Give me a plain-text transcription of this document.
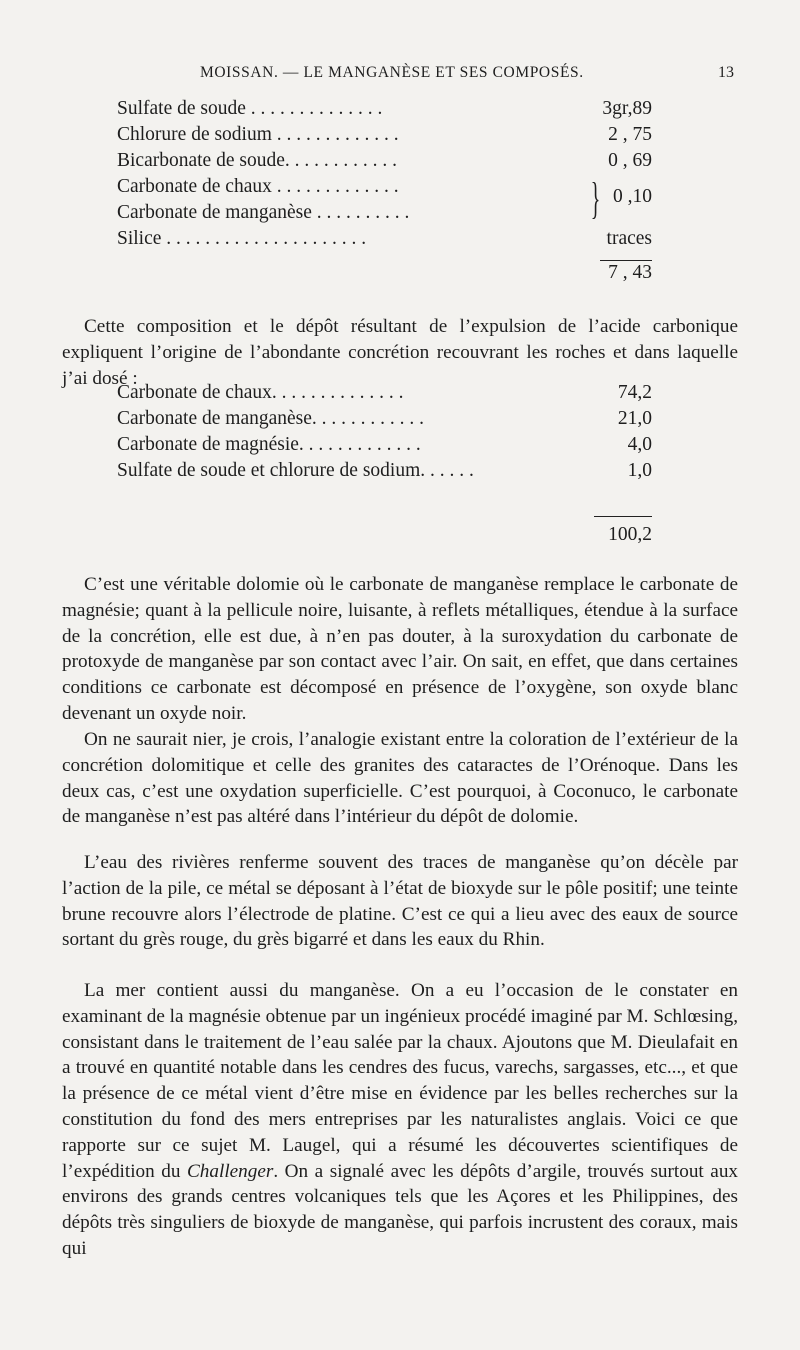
MOISSAN. — LE MANGANÈSE ET SES COMPOSÉS.	13
Sulfate de soude . . . . . . . . . . . . . .	3gr,89
Chlorure de sodium . . . . . . . . . . . . .	2 , 75
Bicarbonate de soude. . . . . . . . . . . .	0 , 69
Carbonate de chaux . . . . . . . . . . . . .
Carbonate de manganèse . . . . . . . . . .	} 0 ,10
Silice . . . . . . . . . . . . . . . . . . . . .	traces
7 , 43

Cette composition et le dépôt résultant de l’expulsion de l’acide carbonique expliquent l’origine de l’abondante concrétion recouvrant les roches et dans laquelle j’ai dosé :

Carbonate de chaux. . . . . . . . . . . . . .	74,2
Carbonate de manganèse. . . . . . . . . . . .	21,0
Carbonate de magnésie. . . . . . . . . . . . .	4,0
Sulfate de soude et chlorure de sodium. . . . . .	1,0
100,2

C’est une véritable dolomie où le carbonate de manganèse remplace le carbonate de magnésie; quant à la pellicule noire, luisante, à reflets métalliques, étendue à la surface de la concrétion, elle est due, à n’en pas douter, à la suroxydation du carbonate de protoxyde de manganèse par son contact avec l’air. On sait, en effet, que dans certaines conditions ce carbonate est décomposé en présence de l’oxygène, son oxyde blanc devenant un oxyde noir.

On ne saurait nier, je crois, l’analogie existant entre la coloration de l’extérieur de la concrétion dolomitique et celle des granites des cataractes de l’Orénoque. Dans les deux cas, c’est une oxydation superficielle. C’est pourquoi, à Coconuco, le carbonate de manganèse n’est pas altéré dans l’intérieur du dépôt de dolomie.

L’eau des rivières renferme souvent des traces de manganèse qu’on décèle par l’action de la pile, ce métal se déposant à l’état de bioxyde sur le pôle positif; une teinte brune recouvre alors l’électrode de platine. C’est ce qui a lieu avec des eaux de source sortant du grès rouge, du grès bigarré et dans les eaux du Rhin.

La mer contient aussi du manganèse. On a eu l’occasion de le constater en examinant de la magnésie obtenue par un ingénieux procédé imaginé par M. Schlœsing, consistant dans le traitement de l’eau salée par la chaux. Ajoutons que M. Dieulafait en a trouvé en quantité notable dans les cendres des fucus, varechs, sargasses, etc..., et que la présence de ce métal vient d’être mise en évidence par les belles recherches sur la constitution du fond des mers entreprises par les naturalistes anglais. Voici ce que rapporte sur ce sujet M. Laugel, qui a résumé les découvertes scientifiques de l’expédition du Challenger. On a signalé avec les dépôts d’argile, trouvés surtout aux environs des grands centres volcaniques tels que les Açores et les Philippines, des dépôts très singuliers de bioxyde de manganèse, qui parfois incrustent des coraux, mais qui
